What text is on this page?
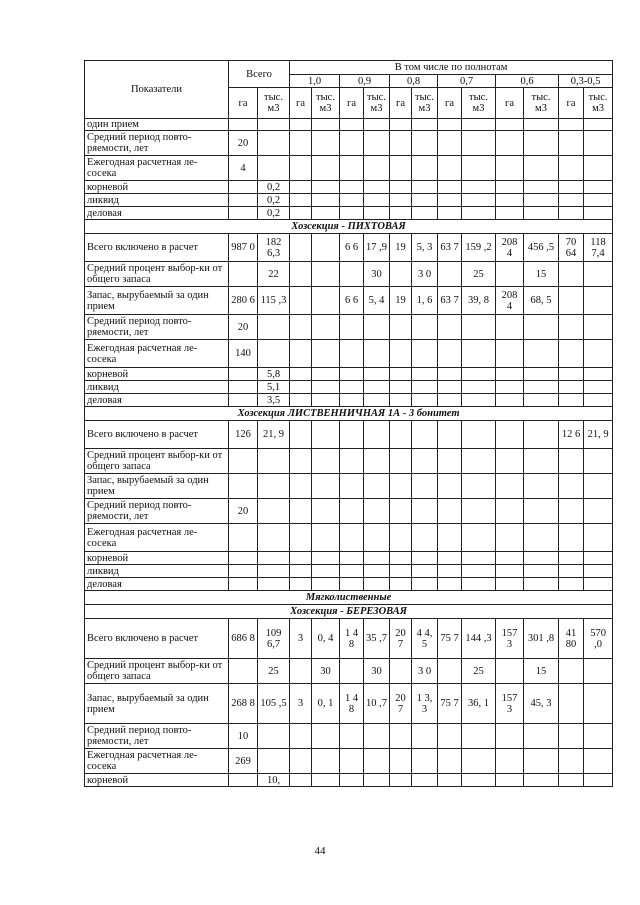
Показатели	Всего		В том числе по полнотам											
			1,0		0,9		0,8		0,7		0,6		0,3-0,5	
	га	тыс. м3	га	тыс. м3	га	тыс. м3	га	тыс. м3	га	тыс. м3	га	тыс. м3	га	тыс. м3
один прием														
Средний период повто-ряемости, лет	20													
Ежегодная расчетная ле-сосека	4													
корневой		0,2												
ликвид		0,2												
деловая		0,2												
Хозсекция - ПИХТОВАЯ														
Всего включено в расчет	987 0	182 6,3			6 6	17 ,9	19	5, 3	63 7	159 ,2	208 4	456 ,5	70 64	118 7,4
Средний процент выбор-ки от общего запаса		22				30		3 0		25		15		
Запас, вырубаемый за один прием	280 6	115 ,3			6 6	5, 4	19	1, 6	63 7	39, 8	208 4	68, 5		
Средний период повто-ряемости, лет	20													
Ежегодная расчетная ле-сосека	140													
корневой		5,8												
ликвид		5,1												
деловая		3,5												
Хозсекция ЛИСТВЕННИЧНАЯ 1А - 3 бонитет														
Всего включено в расчет	126	21, 9											12 6	21, 9
Средний процент выбор-ки от общего запаса														
Запас, вырубаемый за один прием														
Средний период повто-ряемости, лет	20													
Ежегодная расчетная ле-сосека														
корневой														
ликвид														
деловая														
Мягколиственные														
Хозсекция - БЕРЕЗОВАЯ														
Всего включено в расчет	686 8	109 6,7	3	0, 4	1 4 8	35 ,7	20 7	4 4, 5	75 7	144 ,3	157 3	301 ,8	41 80	570 ,0
Средний процент выбор-ки от общего запаса		25		30		30		3 0		25		15		
Запас, вырубаемый за один прием	268 8	105 ,5	3	0, 1	1 4 8	10 ,7	20 7	1 3, 3	75 7	36, 1	157 3	45, 3		
Средний период повто-ряемости, лет	10													
Ежегодная расчетная ле-сосека	269													
корневой		10,												
44
